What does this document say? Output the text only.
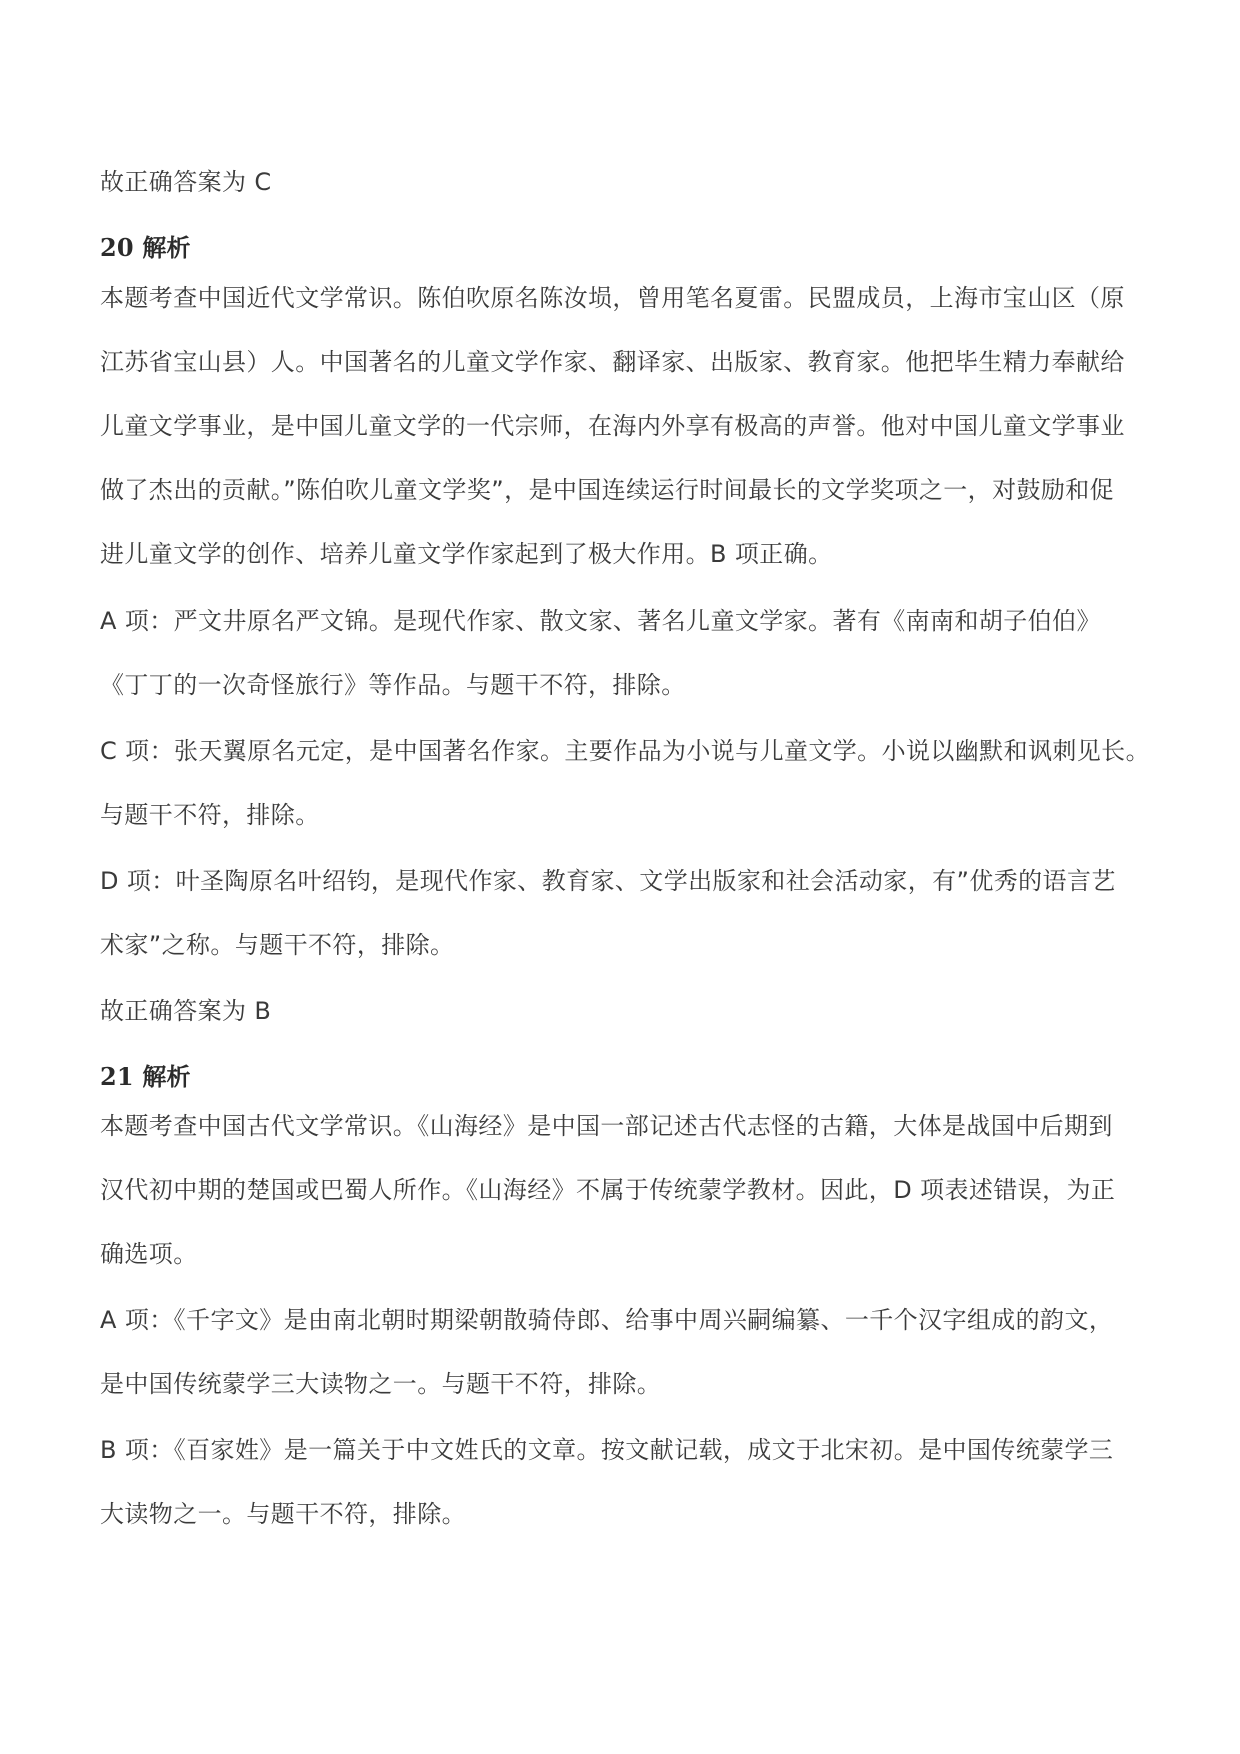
故正确答案为 C
20 解析
本题考查中国近代文学常识。陈伯吹原名陈汝埙，曾用笔名夏雷。民盟成员，上海市宝山区（原
江苏省宝山县）人。中国著名的儿童文学作家、翻译家、出版家、教育家。他把毕生精力奉献给
儿童文学事业，是中国儿童文学的一代宗师，在海内外享有极高的声誉。他对中国儿童文学事业
做了杰出的贡献。”陈伯吹儿童文学奖”，是中国连续运行时间最长的文学奖项之一，对鼓励和促
进儿童文学的创作、培养儿童文学作家起到了极大作用。B 项正确。
A 项：严文井原名严文锦。是现代作家、散文家、著名儿童文学家。著有《南南和胡子伯伯》
《丁丁的一次奇怪旅行》等作品。与题干不符，排除。
C 项：张天翼原名元定，是中国著名作家。主要作品为小说与儿童文学。小说以幽默和讽刺见长。
与题干不符，排除。
D 项：叶圣陶原名叶绍钧，是现代作家、教育家、文学出版家和社会活动家，有”优秀的语言艺
术家”之称。与题干不符，排除。
故正确答案为 B
21 解析
本题考查中国古代文学常识。《山海经》是中国一部记述古代志怪的古籍，大体是战国中后期到
汉代初中期的楚国或巴蜀人所作。《山海经》不属于传统蒙学教材。因此，D 项表述错误，为正
确选项。
A 项：《千字文》是由南北朝时期梁朝散骑侍郎、给事中周兴嗣编纂、一千个汉字组成的韵文，
是中国传统蒙学三大读物之一。与题干不符，排除。
B 项：《百家姓》是一篇关于中文姓氏的文章。按文献记载，成文于北宋初。是中国传统蒙学三
大读物之一。与题干不符，排除。
